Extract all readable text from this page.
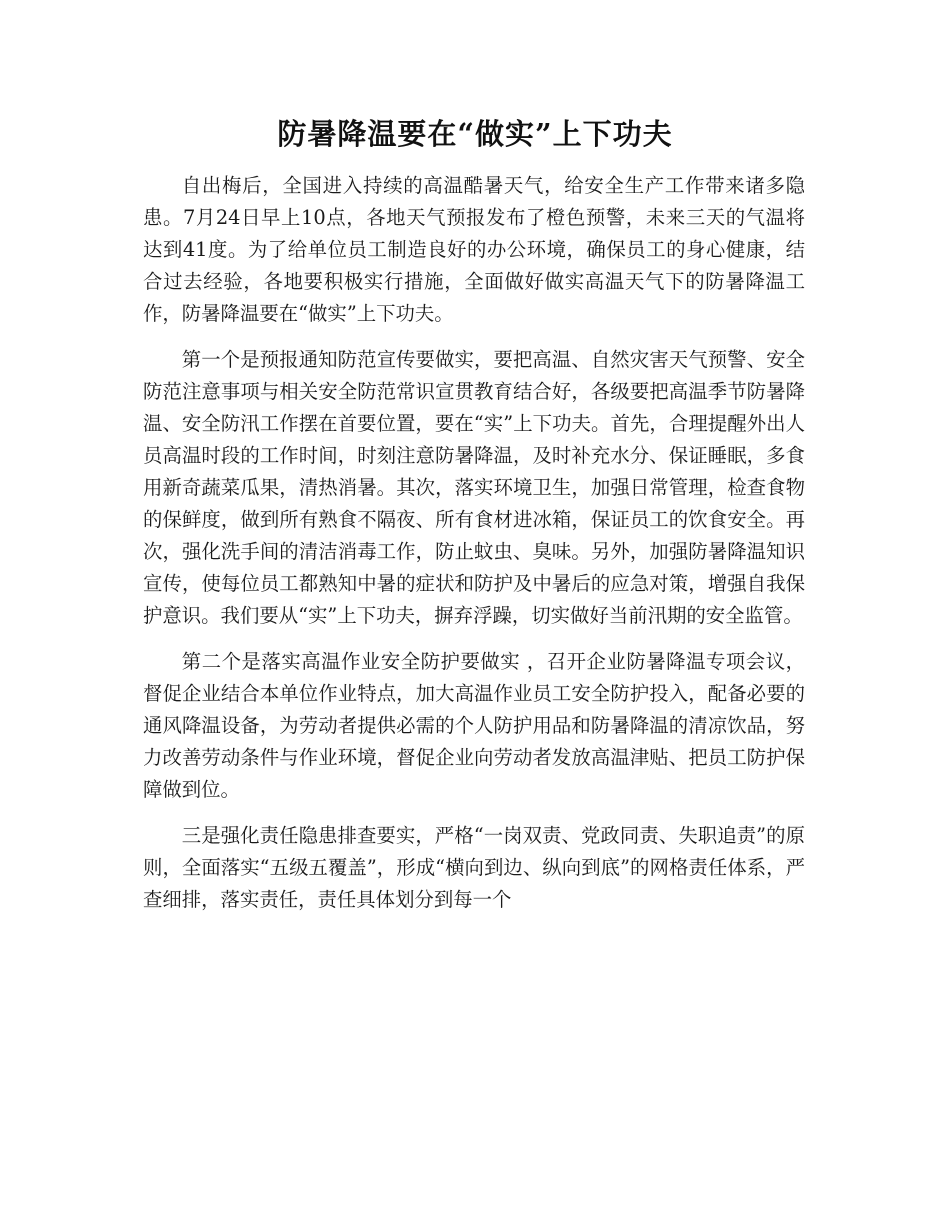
防暑降温要在“做实”上下功夫

自出梅后，全国进入持续的高温酷暑天气，给安全生产工作带来诸多隐患。7月24日早上10点，各地天气预报发布了橙色预警，未来三天的气温将达到41度。为了给单位员工制造良好的办公环境，确保员工的身心健康，结合过去经验，各地要积极实行措施，全面做好做实高温天气下的防暑降温工作，防暑降温要在“做实”上下功夫。

第一个是预报通知防范宣传要做实，要把高温、自然灾害天气预警、安全防范注意事项与相关安全防范常识宣贯教育结合好，各级要把高温季节防暑降温、安全防汛工作摆在首要位置，要在“实”上下功夫。首先，合理提醒外出人员高温时段的工作时间，时刻注意防暑降温，及时补充水分、保证睡眠，多食用新奇蔬菜瓜果，清热消暑。其次，落实环境卫生，加强日常管理，检查食物的保鲜度，做到所有熟食不隔夜、所有食材进冰箱，保证员工的饮食安全。再次，强化洗手间的清洁消毒工作，防止蚊虫、臭味。另外，加强防暑降温知识宣传，使每位员工都熟知中暑的症状和防护及中暑后的应急对策，增强自我保护意识。我们要从“实”上下功夫，摒弃浮躁，切实做好当前汛期的安全监管。

第二个是落实高温作业安全防护要做实 ，召开企业防暑降温专项会议，督促企业结合本单位作业特点，加大高温作业员工安全防护投入，配备必要的通风降温设备，为劳动者提供必需的个人防护用品和防暑降温的清凉饮品，努力改善劳动条件与作业环境，督促企业向劳动者发放高温津贴、把员工防护保障做到位。

三是强化责任隐患排查要实，严格“一岗双责、党政同责、失职追责”的原则，全面落实“五级五覆盖”，形成“横向到边、纵向到底”的网格责任体系，严查细排，落实责任，责任具体划分到每一个
